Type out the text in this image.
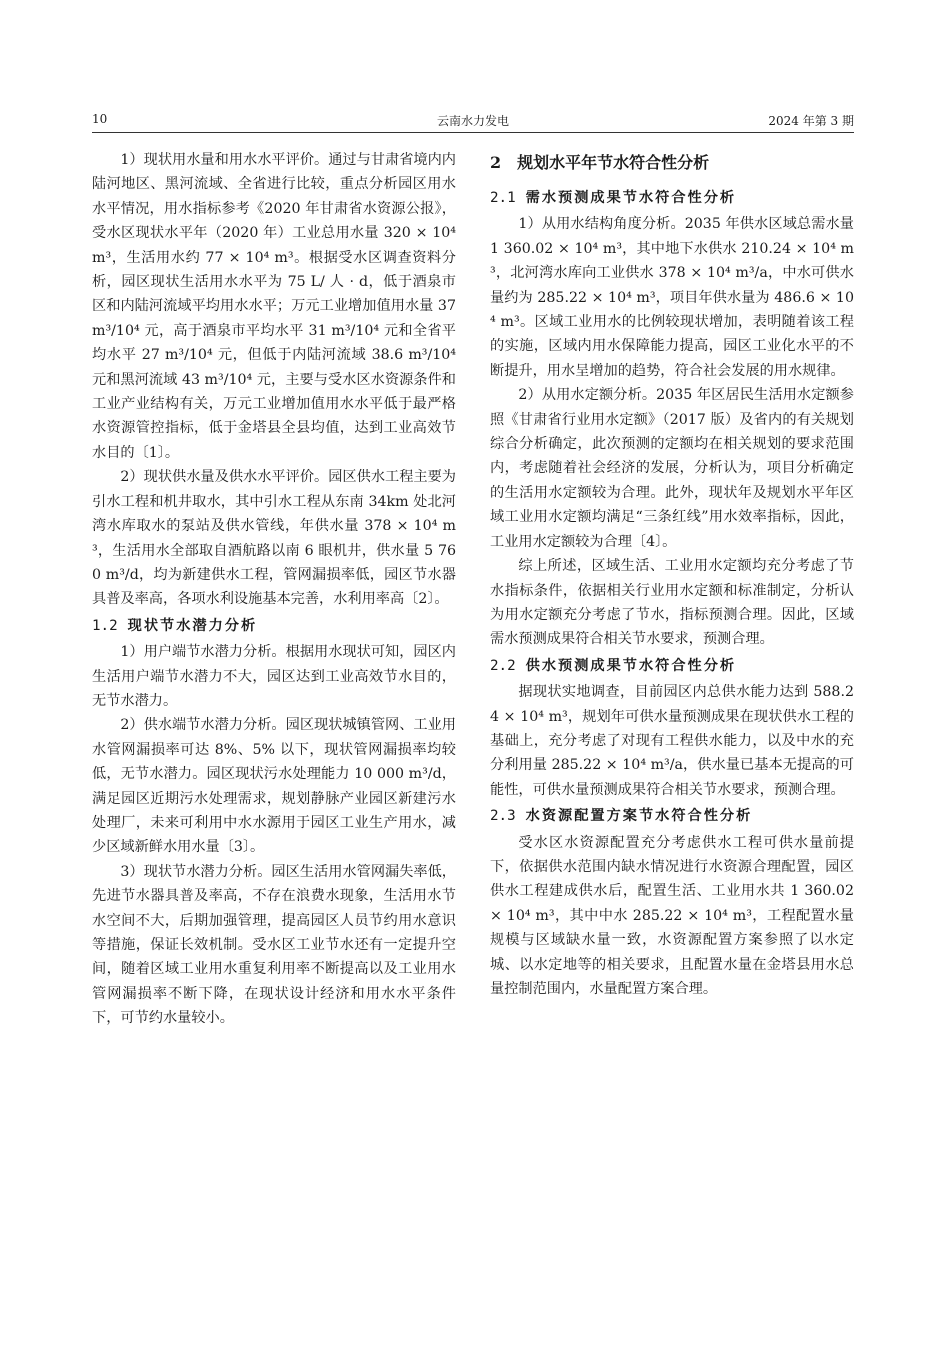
10	云南水力发电	2024 年第 3 期

1）现状用水量和用水水平评价。通过与甘肃省境内内陆河地区、黑河流域、全省进行比较，重点分析园区用水水平情况，用水指标参考《2020 年甘肃省水资源公报》，受水区现状水平年（2020 年）工业总用水量 320 × 10⁴ m³，生活用水约 77 × 10⁴ m³。根据受水区调查资料分析，园区现状生活用水水平为 75 L/ 人 · d，低于酒泉市区和内陆河流域平均用水水平；万元工业增加值用水量 37 m³/10⁴ 元，高于酒泉市平均水平 31 m³/10⁴ 元和全省平均水平 27 m³/10⁴ 元，但低于内陆河流域 38.6 m³/10⁴ 元和黑河流域 43 m³/10⁴ 元，主要与受水区水资源条件和工业产业结构有关，万元工业增加值用水水平低于最严格水资源管控指标，低于金塔县全县均值，达到工业高效节水目的〔1〕。

2）现状供水量及供水水平评价。园区供水工程主要为引水工程和机井取水，其中引水工程从东南 34km 处北河湾水库取水的泵站及供水管线，年供水量 378 × 10⁴ m³，生活用水全部取自酒航路以南 6 眼机井，供水量 5 760 m³/d，均为新建供水工程，管网漏损率低，园区节水器具普及率高，各项水利设施基本完善，水利用率高〔2〕。

1.2 现状节水潜力分析

1）用户端节水潜力分析。根据用水现状可知，园区内生活用户端节水潜力不大，园区达到工业高效节水目的，无节水潜力。

2）供水端节水潜力分析。园区现状城镇管网、工业用水管网漏损率可达 8%、5% 以下，现状管网漏损率均较低，无节水潜力。园区现状污水处理能力 10 000 m³/d，满足园区近期污水处理需求，规划静脉产业园区新建污水处理厂，未来可利用中水水源用于园区工业生产用水，减少区域新鲜水用水量〔3〕。

3）现状节水潜力分析。园区生活用水管网漏失率低，先进节水器具普及率高，不存在浪费水现象，生活用水节水空间不大，后期加强管理，提高园区人员节约用水意识等措施，保证长效机制。受水区工业节水还有一定提升空间，随着区域工业用水重复利用率不断提高以及工业用水管网漏损率不断下降，在现状设计经济和用水水平条件下，可节约水量较小。

2　规划水平年节水符合性分析
2.1 需水预测成果节水符合性分析

1）从用水结构角度分析。2035 年供水区域总需水量 1 360.02 × 10⁴ m³，其中地下水供水 210.24 × 10⁴ m³，北河湾水库向工业供水 378 × 10⁴ m³/a，中水可供水量约为 285.22 × 10⁴ m³，项目年供水量为 486.6 × 10⁴ m³。区域工业用水的比例较现状增加，表明随着该工程的实施，区域内用水保障能力提高，园区工业化水平的不断提升，用水呈增加的趋势，符合社会发展的用水规律。

2）从用水定额分析。2035 年区居民生活用水定额参照《甘肃省行业用水定额》（2017 版）及省内的有关规划综合分析确定，此次预测的定额均在相关规划的要求范围内，考虑随着社会经济的发展，分析认为，项目分析确定的生活用水定额较为合理。此外，现状年及规划水平年区域工业用水定额均满足“三条红线”用水效率指标，因此，工业用水定额较为合理〔4〕。

综上所述，区域生活、工业用水定额均充分考虑了节水指标条件，依据相关行业用水定额和标准制定，分析认为用水定额充分考虑了节水，指标预测合理。因此，区域需水预测成果符合相关节水要求，预测合理。

2.2 供水预测成果节水符合性分析

据现状实地调查，目前园区内总供水能力达到 588.24 × 10⁴ m³，规划年可供水量预测成果在现状供水工程的基础上，充分考虑了对现有工程供水能力，以及中水的充分利用量 285.22 × 10⁴ m³/a，供水量已基本无提高的可能性，可供水量预测成果符合相关节水要求，预测合理。

2.3 水资源配置方案节水符合性分析

受水区水资源配置充分考虑供水工程可供水量前提下，依据供水范围内缺水情况进行水资源合理配置，园区供水工程建成供水后，配置生活、工业用水共 1 360.02 × 10⁴ m³，其中中水 285.22 × 10⁴ m³，工程配置水量规模与区域缺水量一致，水资源配置方案参照了以水定城、以水定地等的相关要求，且配置水量在金塔县用水总量控制范围内，水量配置方案合理。
